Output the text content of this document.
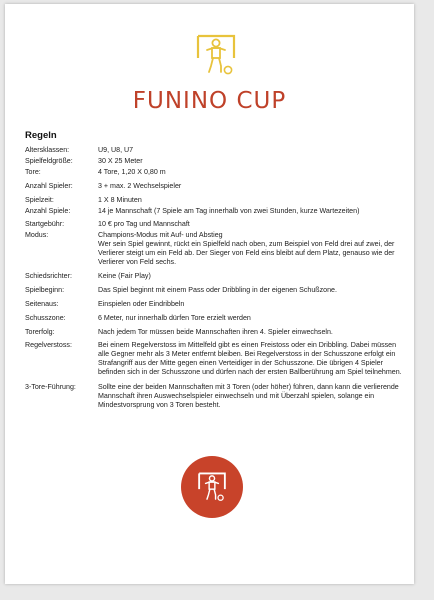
FUNINO CUP
Regeln
Altersklassen:	U9, U8, U7
Spielfeldgröße:	30 X 25 Meter
Tore:	4 Tore, 1,20 X 0,80 m
Anzahl Spieler:	3 + max. 2 Wechselspieler
Spielzeit:	1 X 8 Minuten
Anzahl Spiele:	14 je Mannschaft (7 Spiele am Tag innerhalb von zwei Stunden, kurze Wartezeiten)
Startgebühr:	10 € pro Tag und Mannschaft
Modus:	Champions-Modus mit Auf- und Abstieg
Wer sein Spiel gewinnt, rückt ein Spielfeld nach oben, zum Beispiel von Feld drei auf zwei, der Verlierer steigt um ein Feld ab. Der Sieger von Feld eins bleibt auf dem Platz, genauso wie der Verlierer von Feld sechs.
Schiedsrichter:	Keine (Fair Play)
Spielbeginn:	Das Spiel beginnt mit einem Pass oder Dribbling in der eigenen Schußzone.
Seitenaus:	Einspielen oder Eindribbeln
Schusszone:	6 Meter, nur innerhalb dürfen Tore erzielt werden
Torerfolg:	Nach jedem Tor müssen beide Mannschaften ihren 4. Spieler einwechseln.
Regelverstoss:	Bei einem Regelverstoss im Mittelfeld gibt es einen Freistoss oder ein Dribbling. Dabei müssen alle Gegner mehr als 3 Meter entfernt bleiben. Bei Regelverstoss in der Schusszone erfolgt ein Strafangriff aus der Mitte gegen einen Verteidiger in der Schusszone. Die übrigen 4 Spieler befinden sich in der Schusszone und dürfen nach der ersten Ballberührung am Spiel teilnehmen.
3-Tore-Führung:	Sollte eine der beiden Mannschaften mit 3 Toren (oder höher) führen, dann kann die verlierende Mannschaft ihren Auswechselspieler einwechseln und mit Überzahl spielen, solange ein Mindestvorsprung von 3 Toren besteht.
